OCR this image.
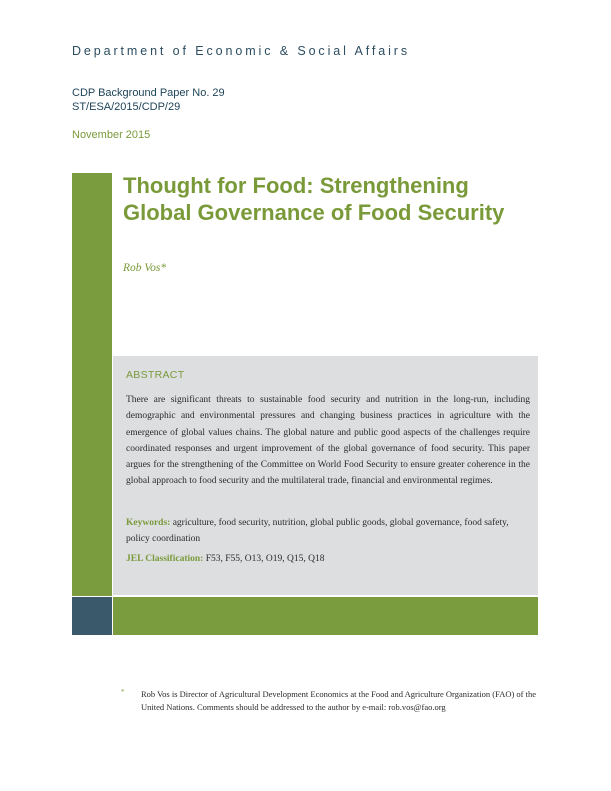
Department of Economic & Social Affairs
CDP Background Paper No. 29
ST/ESA/2015/CDP/29
November 2015
Thought for Food: Strengthening
Global Governance of Food Security
Rob Vos*
ABSTRACT
There are significant threats to sustainable food security and nutrition in the long-run, including demographic and environmental pressures and changing business practices in agriculture with the emergence of global values chains. The global nature and public good aspects of the challenges require coordinated responses and urgent improvement of the global governance of food security. This paper argues for the strengthening of the Committee on World Food Security to ensure greater coherence in the global approach to food security and the multilateral trade, financial and environmental regimes.
Keywords: agriculture, food security, nutrition, global public goods, global governance, food safety, policy coordination
JEL Classification: F53, F55, O13, O19, Q15, Q18
*	Rob Vos is Director of Agricultural Development Economics at the Food and Agriculture Organization (FAO) of the United Nations. Comments should be addressed to the author by e-mail: rob.vos@fao.org
